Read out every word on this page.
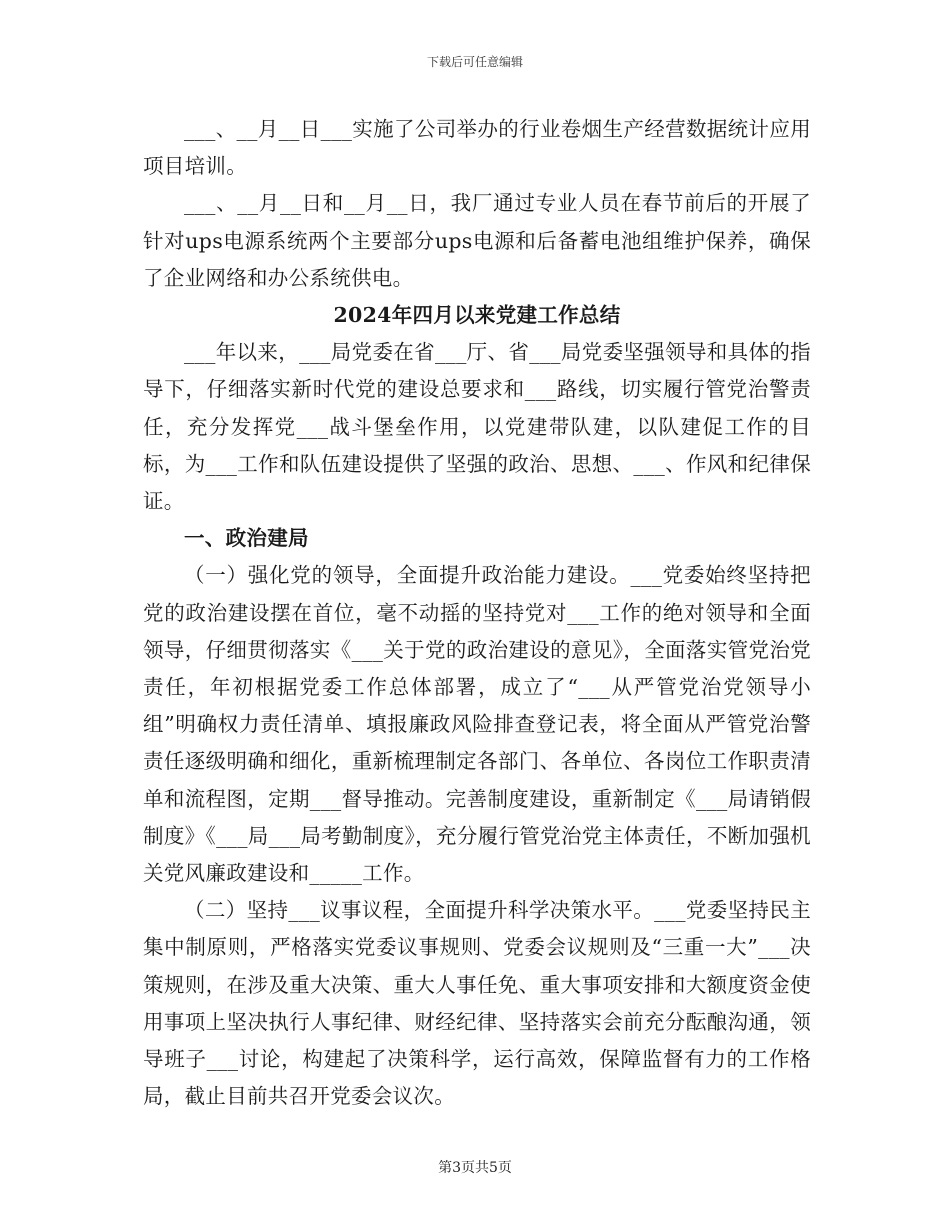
下载后可任意编辑

___、__月__日___实施了公司举办的行业卷烟生产经营数据统计应用项目培训。

___、__月__日和__月__日，我厂通过专业人员在春节前后的开展了针对ups电源系统两个主要部分ups电源和后备蓄电池组维护保养，确保了企业网络和办公系统供电。

2024年四月以来党建工作总结

___年以来，___局党委在省___厅、省___局党委坚强领导和具体的指导下，仔细落实新时代党的建设总要求和___路线，切实履行管党治警责任，充分发挥党___战斗堡垒作用，以党建带队建，以队建促工作的目标，为___工作和队伍建设提供了坚强的政治、思想、___、作风和纪律保证。

一、政治建局

（一）强化党的领导，全面提升政治能力建设。___党委始终坚持把党的政治建设摆在首位，毫不动摇的坚持党对___工作的绝对领导和全面领导，仔细贯彻落实《___关于党的政治建设的意见》，全面落实管党治党责任，年初根据党委工作总体部署，成立了“___从严管党治党领导小组”明确权力责任清单、填报廉政风险排查登记表，将全面从严管党治警责任逐级明确和细化，重新梳理制定各部门、各单位、各岗位工作职责清单和流程图，定期___督导推动。完善制度建设，重新制定《___局请销假制度》《___局___局考勤制度》，充分履行管党治党主体责任，不断加强机关党风廉政建设和_____工作。

（二）坚持___议事议程，全面提升科学决策水平。___党委坚持民主集中制原则，严格落实党委议事规则、党委会议规则及“三重一大”___决策规则，在涉及重大决策、重大人事任免、重大事项安排和大额度资金使用事项上坚决执行人事纪律、财经纪律、坚持落实会前充分酝酿沟通，领导班子___讨论，构建起了决策科学，运行高效，保障监督有力的工作格局，截止目前共召开党委会议次。

第3页共5页
